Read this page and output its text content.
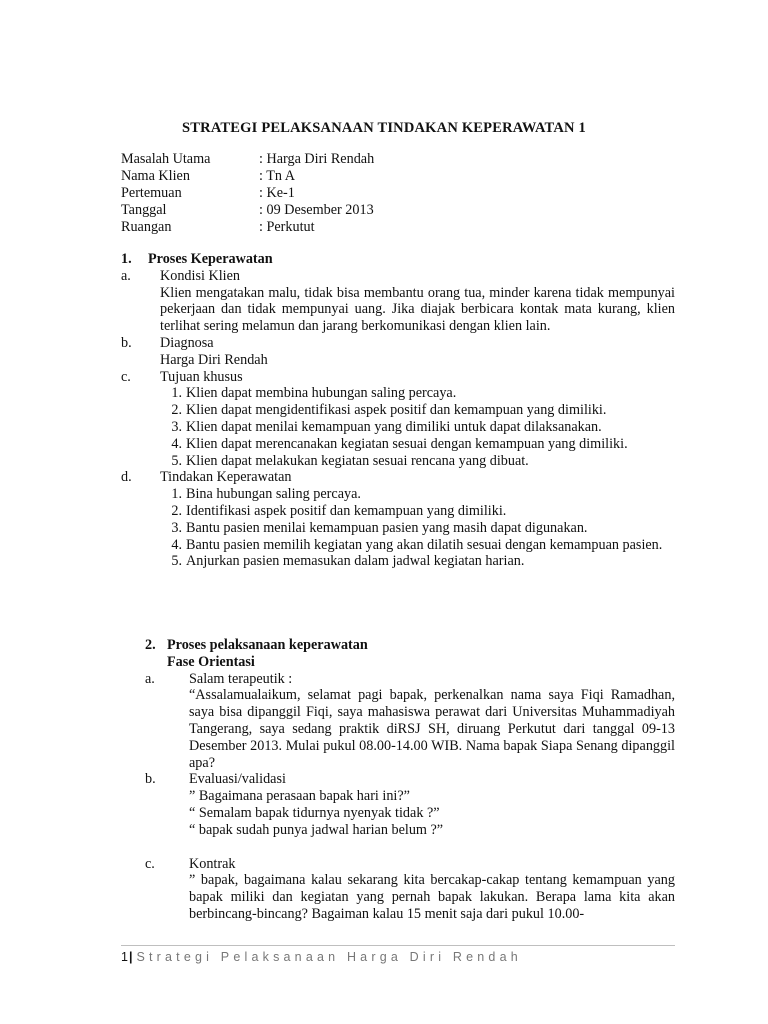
STRATEGI PELAKSANAAN TINDAKAN KEPERAWATAN 1
Masalah Utama	: Harga Diri Rendah
Nama Klien	: Tn A
Pertemuan	: Ke-1
Tanggal	: 09 Desember 2013
Ruangan	: Perkutut
1. Proses Keperawatan
a. Kondisi Klien
Klien mengatakan malu, tidak bisa membantu orang tua, minder karena tidak mempunyai pekerjaan dan tidak mempunyai uang. Jika diajak berbicara kontak mata kurang, klien terlihat sering melamun dan jarang berkomunikasi dengan klien lain.
b. Diagnosa
Harga Diri Rendah
c. Tujuan khusus
1. Klien dapat membina hubungan saling percaya.
2. Klien dapat mengidentifikasi aspek positif dan kemampuan yang dimiliki.
3. Klien dapat menilai kemampuan yang dimiliki untuk dapat dilaksanakan.
4. Klien dapat merencanakan kegiatan sesuai dengan kemampuan yang dimiliki.
5. Klien dapat melakukan kegiatan sesuai rencana yang dibuat.
d. Tindakan Keperawatan
1. Bina hubungan saling percaya.
2. Identifikasi aspek positif dan kemampuan yang dimiliki.
3. Bantu pasien menilai kemampuan pasien yang masih dapat digunakan.
4. Bantu pasien memilih kegiatan yang akan dilatih sesuai dengan kemampuan pasien.
5. Anjurkan pasien memasukan dalam jadwal kegiatan harian.
2. Proses pelaksanaan keperawatan
Fase Orientasi
a. Salam terapeutik :
“Assalamualaikum, selamat pagi bapak, perkenalkan nama saya Fiqi Ramadhan, saya bisa dipanggil Fiqi, saya mahasiswa perawat dari Universitas Muhammadiyah Tangerang, saya sedang praktik diRSJ SH, diruang Perkutut dari tanggal 09-13 Desember 2013. Mulai pukul 08.00-14.00 WIB. Nama bapak Siapa Senang dipanggil apa?
b. Evaluasi/validasi
” Bagaimana perasaan bapak hari ini?”
“ Semalam bapak tidurnya nyenyak tidak ?”
“ bapak sudah punya jadwal harian belum ?”
c. Kontrak
” bapak, bagaimana kalau sekarang kita bercakap-cakap tentang kemampuan yang bapak miliki dan kegiatan yang pernah bapak lakukan. Berapa lama kita akan berbincang-bincang? Bagaiman kalau 15 menit saja dari pukul 10.00-
1| Strategi Pelaksanaan Harga Diri Rendah
